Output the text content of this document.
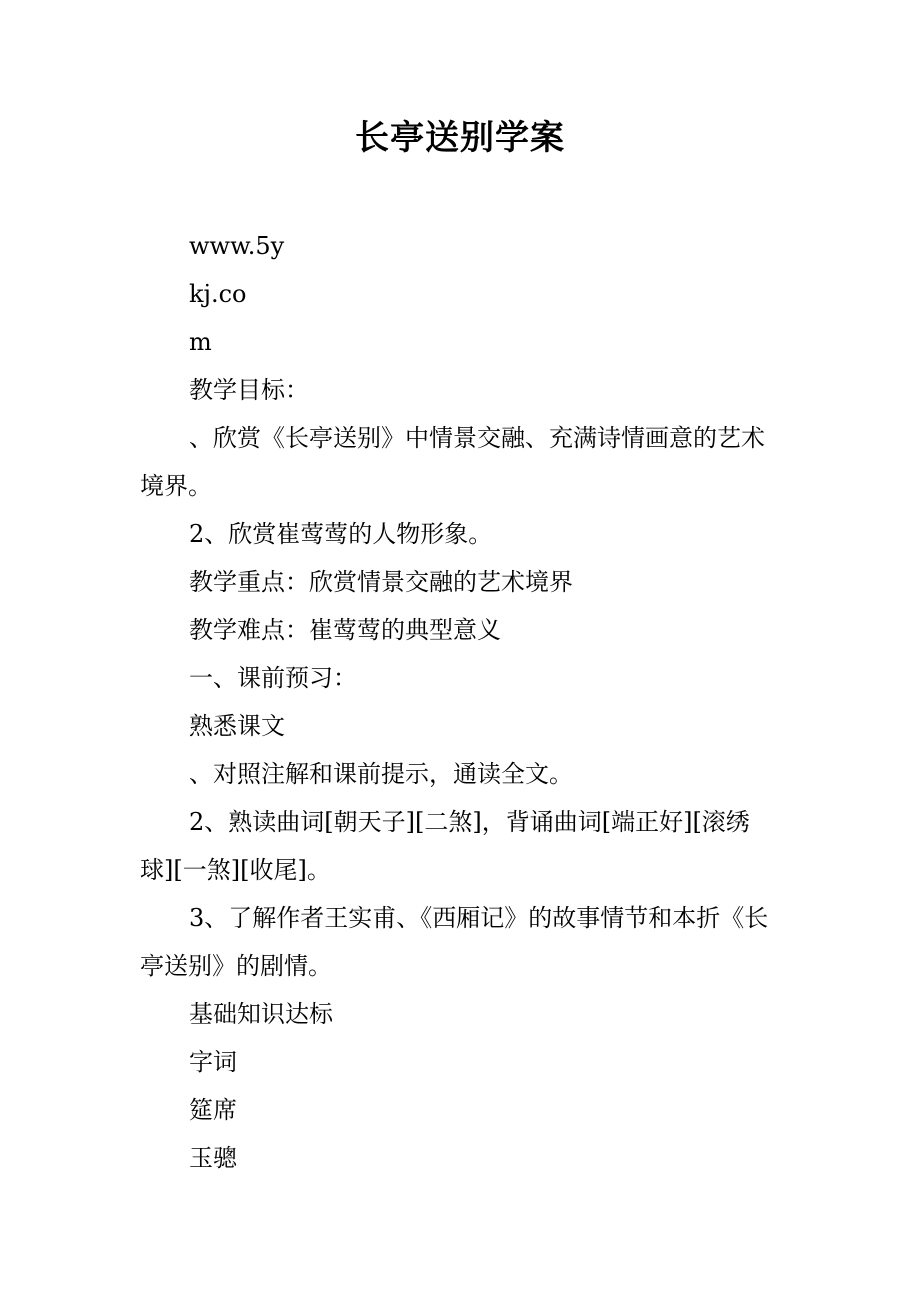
长亭送别学案
www.5y
kj.co
m
教学目标：
、欣赏《长亭送别》中情景交融、充满诗情画意的艺术
境界。
2、欣赏崔莺莺的人物形象。
教学重点：欣赏情景交融的艺术境界
教学难点：崔莺莺的典型意义
一、课前预习：
熟悉课文
、对照注解和课前提示，通读全文。
2、熟读曲词[朝天子][二煞]，背诵曲词[端正好][滚绣
球][一煞][收尾]。
3、了解作者王实甫、《西厢记》的故事情节和本折《长
亭送别》的剧情。
基础知识达标
字词
筵席
玉骢
